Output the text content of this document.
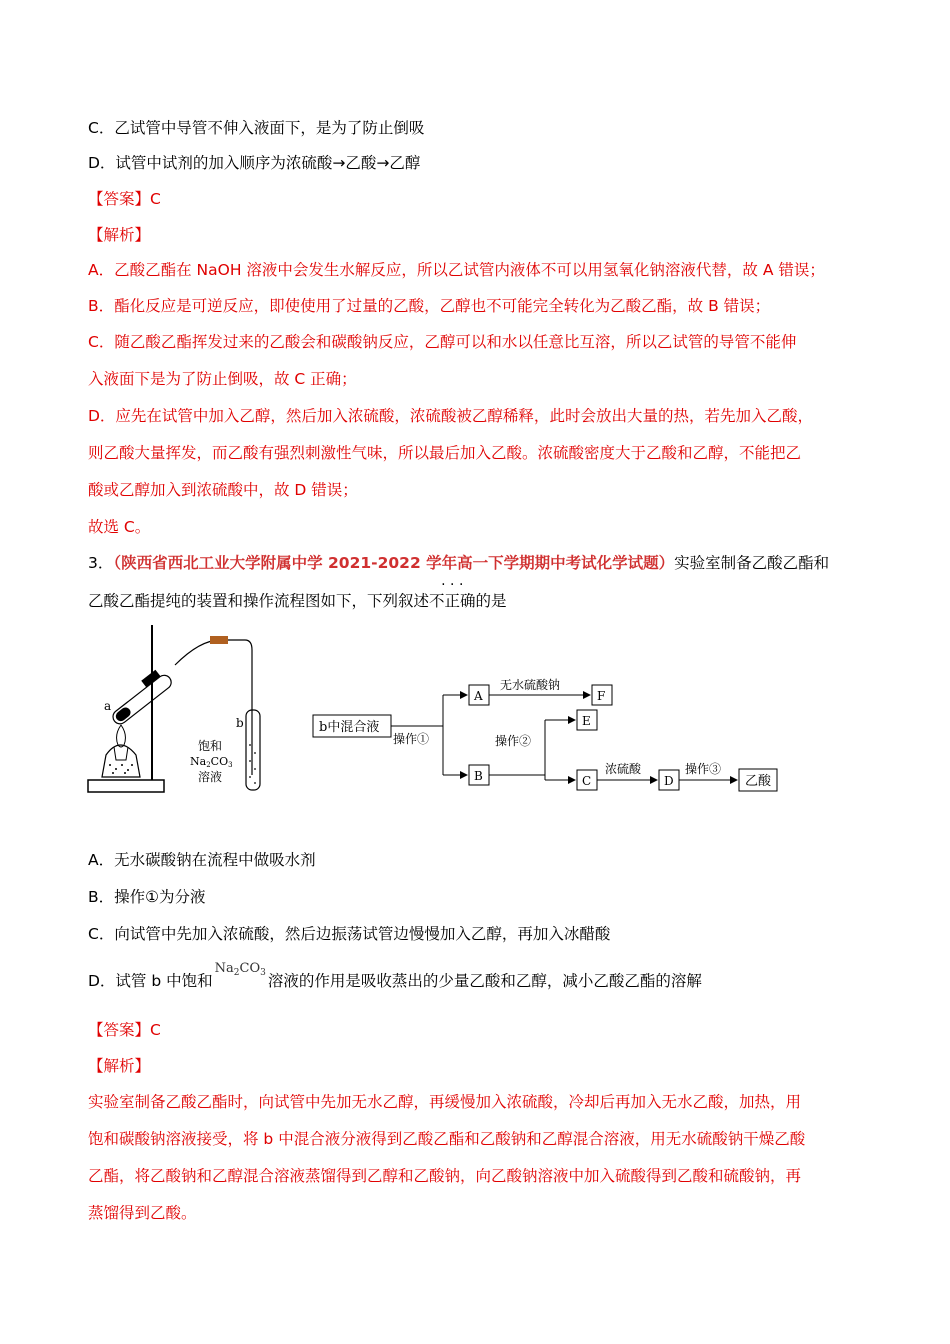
C．乙试管中导管不伸入液面下，是为了防止倒吸
D．试管中试剂的加入顺序为浓硫酸→乙酸→乙醇
【答案】C
【解析】
A．乙酸乙酯在 NaOH 溶液中会发生水解反应，所以乙试管内液体不可以用氢氧化钠溶液代替，故 A 错误；
B．酯化反应是可逆反应，即使使用了过量的乙酸，乙醇也不可能完全转化为乙酸乙酯，故 B 错误；
C．随乙酸乙酯挥发过来的乙酸会和碳酸钠反应，乙醇可以和水以任意比互溶，所以乙试管的导管不能伸
入液面下是为了防止倒吸，故 C 正确；
D．应先在试管中加入乙醇，然后加入浓硫酸，浓硫酸被乙醇稀释，此时会放出大量的热，若先加入乙酸，
则乙酸大量挥发，而乙酸有强烈刺激性气味，所以最后加入乙酸。浓硫酸密度大于乙酸和乙醇，不能把乙
酸或乙醇加入到浓硫酸中，故 D 错误；
故选 C。
3．（陕西省西北工业大学附属中学 2021-2022 学年高一下学期期中考试化学试题）实验室制备乙酸乙酯和
乙酸乙酯提纯的装置和操作流程图如下，下列叙述
· · ·
不正确的是
a
b
饱和
Na2CO3
溶液
b中混合液
操作①
A
无水硫酸钠
F
B
操作②
E
C
浓硫酸
D
操作③
乙酸
A．无水碳酸钠在流程中做吸水剂
B．操作①为分液
C．向试管中先加入浓硫酸，然后边振荡试管边慢慢加入乙醇，再加入冰醋酸
D．试管 b 中饱和$^{Na_2CO_3}$ 溶液的作用是吸收蒸出的少量乙酸和乙醇，减小乙酸乙酯的溶解
【答案】C
【解析】
实验室制备乙酸乙酯时，向试管中先加无水乙醇，再缓慢加入浓硫酸，冷却后再加入无水乙酸，加热，用
饱和碳酸钠溶液接受，将 b 中混合液分液得到乙酸乙酯和乙酸钠和乙醇混合溶液，用无水硫酸钠干燥乙酸
乙酯，将乙酸钠和乙醇混合溶液蒸馏得到乙醇和乙酸钠，向乙酸钠溶液中加入硫酸得到乙酸和硫酸钠，再
蒸馏得到乙酸。
